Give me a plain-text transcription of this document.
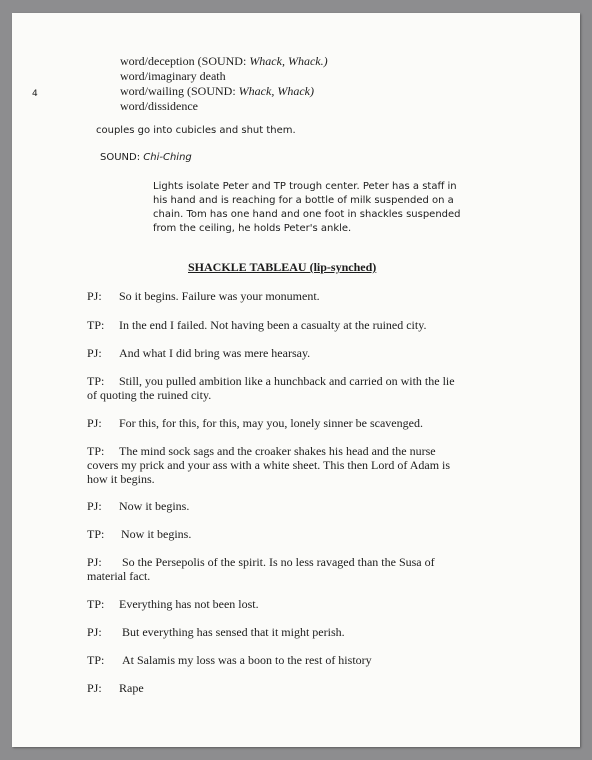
4
word/deception (SOUND: Whack, Whack.)
word/imaginary death
word/wailing (SOUND: Whack, Whack)
word/dissidence
couples go into cubicles and shut them.
SOUND: Chi-Ching
Lights isolate Peter and TP trough center. Peter has a staff in
his hand and is reaching for a bottle of milk suspended on a
chain. Tom has one hand and one foot in shackles suspended
from the ceiling, he holds Peter's ankle.
SHACKLE TABLEAU (lip-synched)
PJ: So it begins. Failure was your monument.
TP: In the end I failed. Not having been a casualty at the ruined city.
PJ: And what I did bring was mere hearsay.
TP: Still, you pulled ambition like a hunchback and carried on with the lie
of quoting the ruined city.
PJ: For this, for this, for this, may you, lonely sinner be scavenged.
TP: The mind sock sags and the croaker shakes his head and the nurse
covers my prick and your ass with a white sheet. This then Lord of Adam is
how it begins.
PJ: Now it begins.
TP: Now it begins.
PJ: So the Persepolis of the spirit. Is no less ravaged than the Susa of
material fact.
TP: Everything has not been lost.
PJ: But everything has sensed that it might perish.
TP: At Salamis my loss was a boon to the rest of history
PJ: Rape
